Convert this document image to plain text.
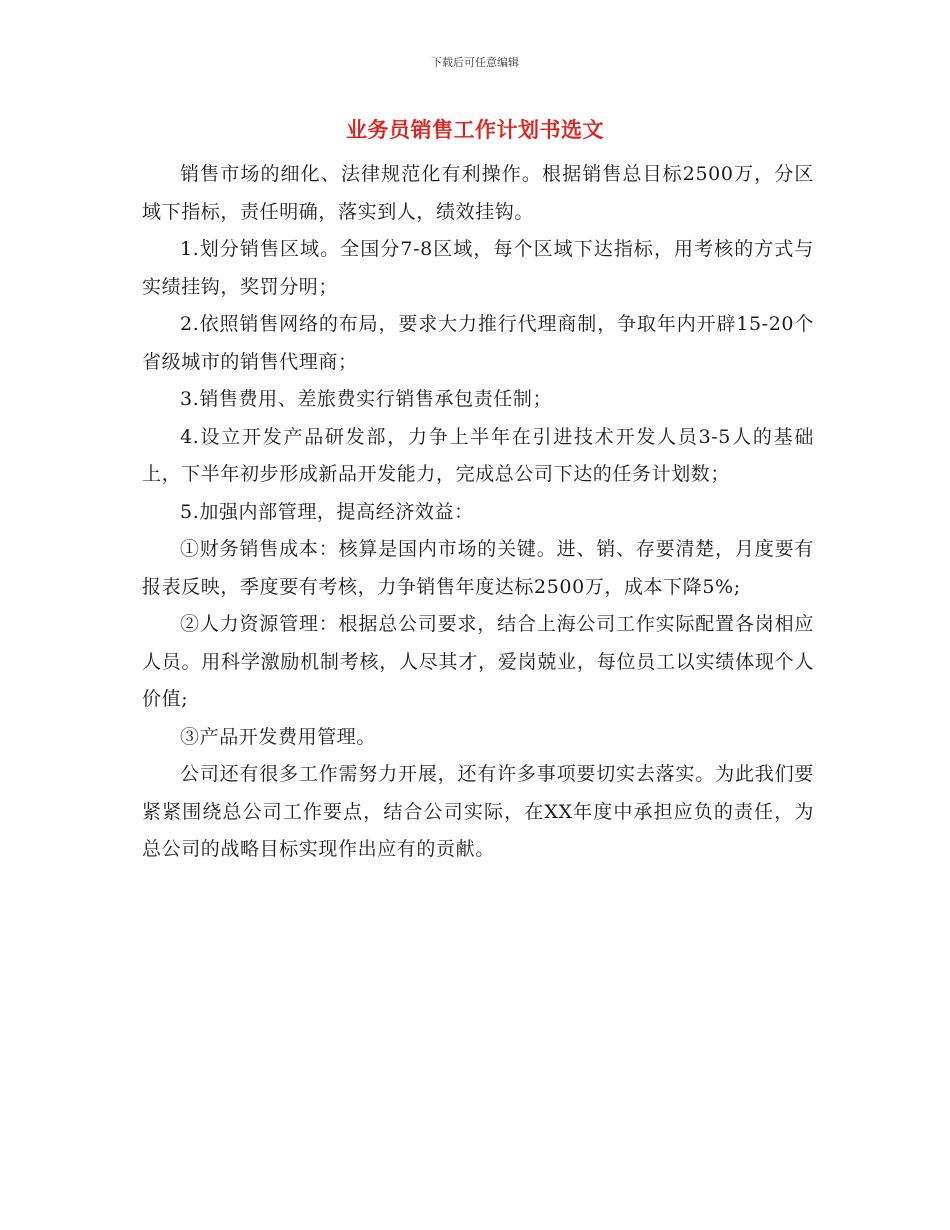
下载后可任意编辑
业务员销售工作计划书选文

销售市场的细化、法律规范化有利操作。根据销售总目标2500万，分区域下指标，责任明确，落实到人，绩效挂钩。

1.划分销售区域。全国分7-8区域，每个区域下达指标，用考核的方式与实绩挂钩，奖罚分明；

2.依照销售网络的布局，要求大力推行代理商制，争取年内开辟15-20个省级城市的销售代理商；

3.销售费用、差旅费实行销售承包责任制；

4.设立开发产品研发部，力争上半年在引进技术开发人员3-5人的基础上，下半年初步形成新品开发能力，完成总公司下达的任务计划数；

5.加强内部管理，提高经济效益：

①财务销售成本：核算是国内市场的关键。进、销、存要清楚，月度要有报表反映，季度要有考核，力争销售年度达标2500万，成本下降5%;

②人力资源管理：根据总公司要求，结合上海公司工作实际配置各岗相应人员。用科学激励机制考核，人尽其才，爱岗兢业，每位员工以实绩体现个人价值;

③产品开发费用管理。

公司还有很多工作需努力开展，还有许多事项要切实去落实。为此我们要紧紧围绕总公司工作要点，结合公司实际，在XX年度中承担应负的责任，为总公司的战略目标实现作出应有的贡献。
